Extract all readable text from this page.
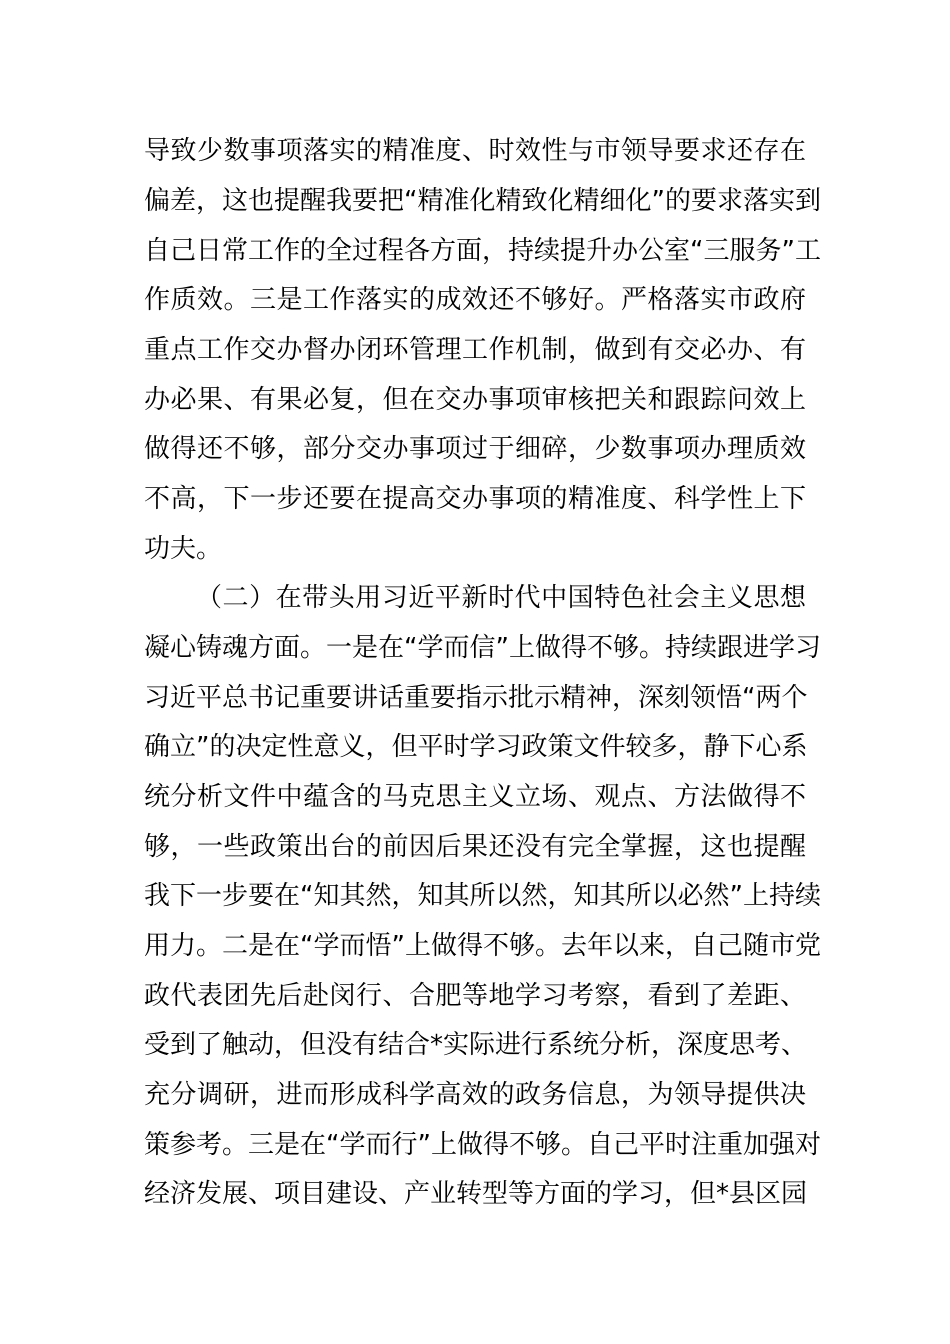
导致少数事项落实的精准度、时效性与市领导要求还存在
偏差，这也提醒我要把“精准化精致化精细化”的要求落实到
自己日常工作的全过程各方面，持续提升办公室“三服务”工
作质效。三是工作落实的成效还不够好。严格落实市政府
重点工作交办督办闭环管理工作机制，做到有交必办、有
办必果、有果必复，但在交办事项审核把关和跟踪问效上
做得还不够，部分交办事项过于细碎，少数事项办理质效
不高，下一步还要在提高交办事项的精准度、科学性上下
功夫。
（二）在带头用习近平新时代中国特色社会主义思想
凝心铸魂方面。一是在“学而信”上做得不够。持续跟进学习
习近平总书记重要讲话重要指示批示精神，深刻领悟“两个
确立”的决定性意义，但平时学习政策文件较多，静下心系
统分析文件中蕴含的马克思主义立场、观点、方法做得不
够，一些政策出台的前因后果还没有完全掌握，这也提醒
我下一步要在“知其然，知其所以然，知其所以必然”上持续
用力。二是在“学而悟”上做得不够。去年以来，自己随市党
政代表团先后赴闵行、合肥等地学习考察，看到了差距、
受到了触动，但没有结合*实际进行系统分析，深度思考、
充分调研，进而形成科学高效的政务信息，为领导提供决
策参考。三是在“学而行”上做得不够。自己平时注重加强对
经济发展、项目建设、产业转型等方面的学习，但*县区园
